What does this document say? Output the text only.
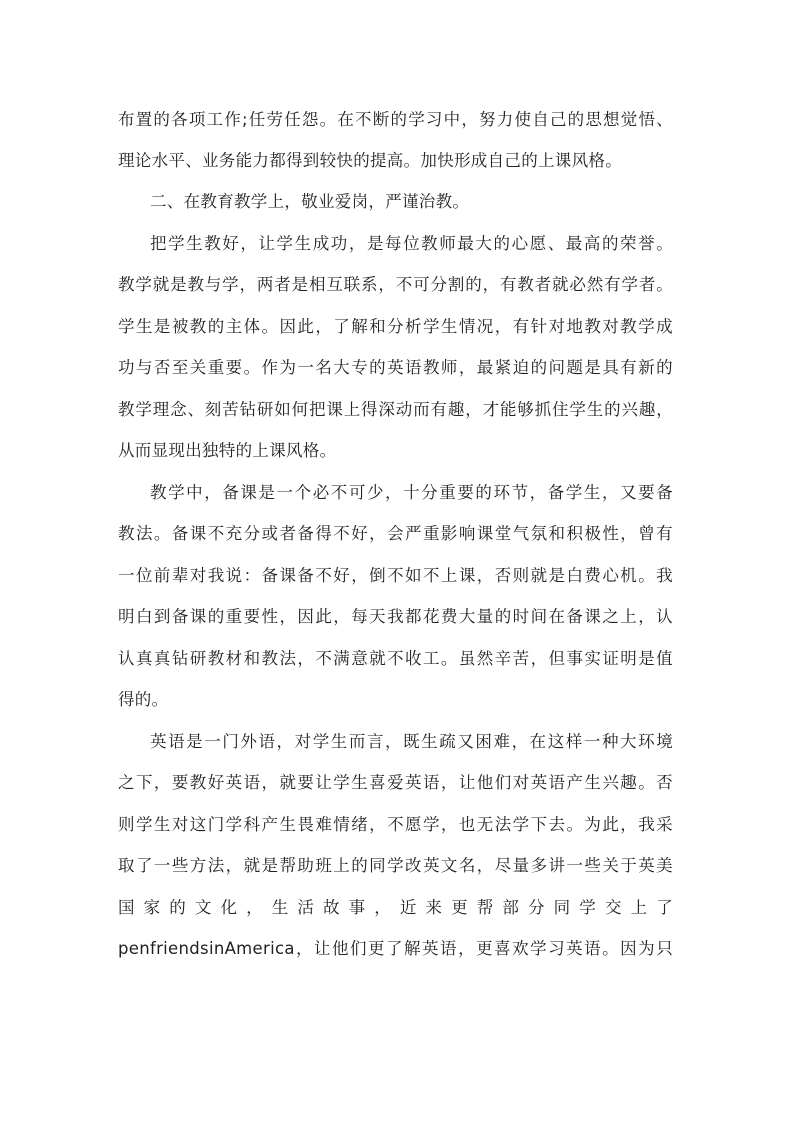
布置的各项工作;任劳任怨。在不断的学习中，努力使自己的思想觉悟、
理论水平、业务能力都得到较快的提高。加快形成自己的上课风格。
二、在教育教学上，敬业爱岗，严谨治教。
把学生教好，让学生成功，是每位教师最大的心愿、最高的荣誉。
教学就是教与学，两者是相互联系，不可分割的，有教者就必然有学者。
学生是被教的主体。因此，了解和分析学生情况，有针对地教对教学成
功与否至关重要。作为一名大专的英语教师，最紧迫的问题是具有新的
教学理念、刻苦钻研如何把课上得深动而有趣，才能够抓住学生的兴趣，
从而显现出独特的上课风格。
教学中，备课是一个必不可少，十分重要的环节，备学生，又要备
教法。备课不充分或者备得不好，会严重影响课堂气氛和积极性，曾有
一位前辈对我说：备课备不好，倒不如不上课，否则就是白费心机。我
明白到备课的重要性，因此，每天我都花费大量的时间在备课之上，认
认真真钻研教材和教法，不满意就不收工。虽然辛苦，但事实证明是值
得的。
英语是一门外语，对学生而言，既生疏又困难，在这样一种大环境
之下，要教好英语，就要让学生喜爱英语，让他们对英语产生兴趣。否
则学生对这门学科产生畏难情绪，不愿学，也无法学下去。为此，我采
取了一些方法，就是帮助班上的同学改英文名，尽量多讲一些关于英美
国 家 的 文 化 ， 生 活 故 事 ， 近 来 更 帮 部 分 同 学 交 上 了
penfriendsinAmerica，让他们更了解英语，更喜欢学习英语。因为只
